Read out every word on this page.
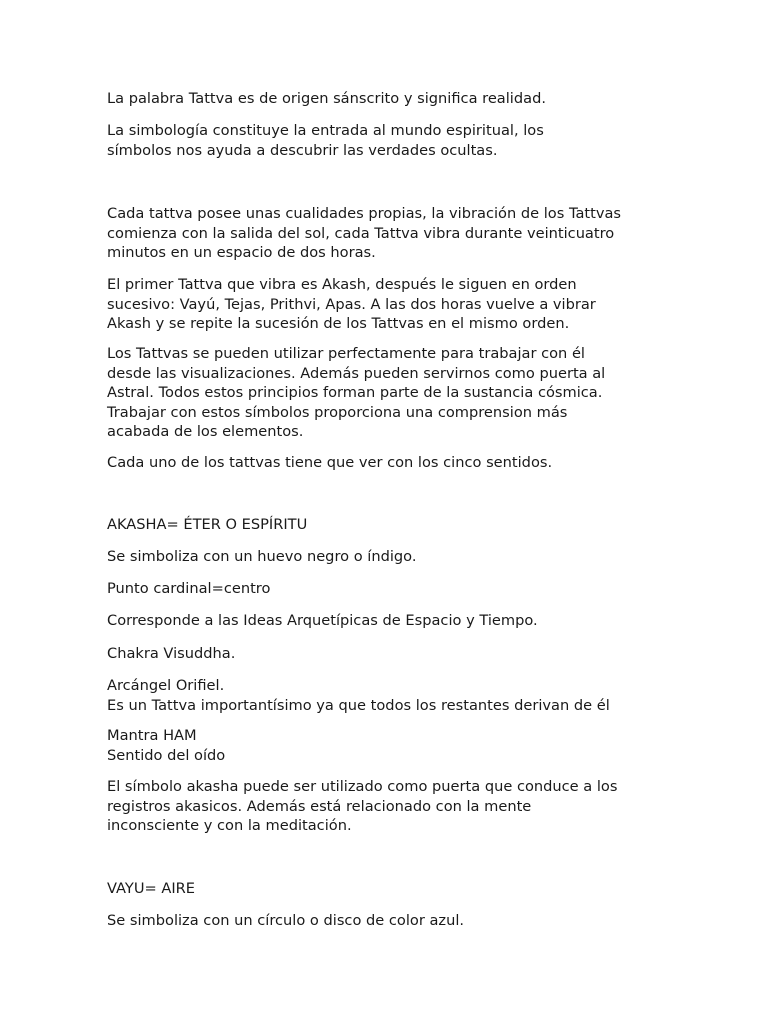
La palabra Tattva es de origen sánscrito y significa realidad.

La simbología constituye la entrada al mundo espiritual, los
símbolos nos ayuda a descubrir las verdades ocultas.

Cada tattva posee unas cualidades propias, la vibración de los Tattvas
comienza con la salida del sol, cada Tattva vibra durante veinticuatro
minutos en un espacio de dos horas.

El primer Tattva que vibra es Akash, después le siguen en orden
sucesivo: Vayú, Tejas, Prithvi, Apas. A las dos horas vuelve a vibrar
Akash y se repite la sucesión de los Tattvas en el mismo orden.

Los Tattvas se pueden utilizar perfectamente para trabajar con él
desde las visualizaciones. Además pueden servirnos como puerta al
Astral. Todos estos principios forman parte de la sustancia cósmica.
Trabajar con estos símbolos proporciona una comprension más
acabada de los elementos.

Cada uno de los tattvas tiene que ver con los cinco sentidos.

AKASHA= ÉTER O ESPÍRITU

Se simboliza con un huevo negro o índigo.

Punto cardinal=centro

Corresponde a las Ideas Arquetípicas de Espacio y Tiempo.

Chakra Visuddha.

Arcángel Orifiel.
Es un Tattva importantísimo ya que todos los restantes derivan de él

Mantra HAM
Sentido del oído

El símbolo akasha puede ser utilizado como puerta que conduce a los
registros akasicos. Además está relacionado con la mente
inconsciente y con la meditación.

VAYU= AIRE

Se simboliza con un círculo o disco de color azul.
